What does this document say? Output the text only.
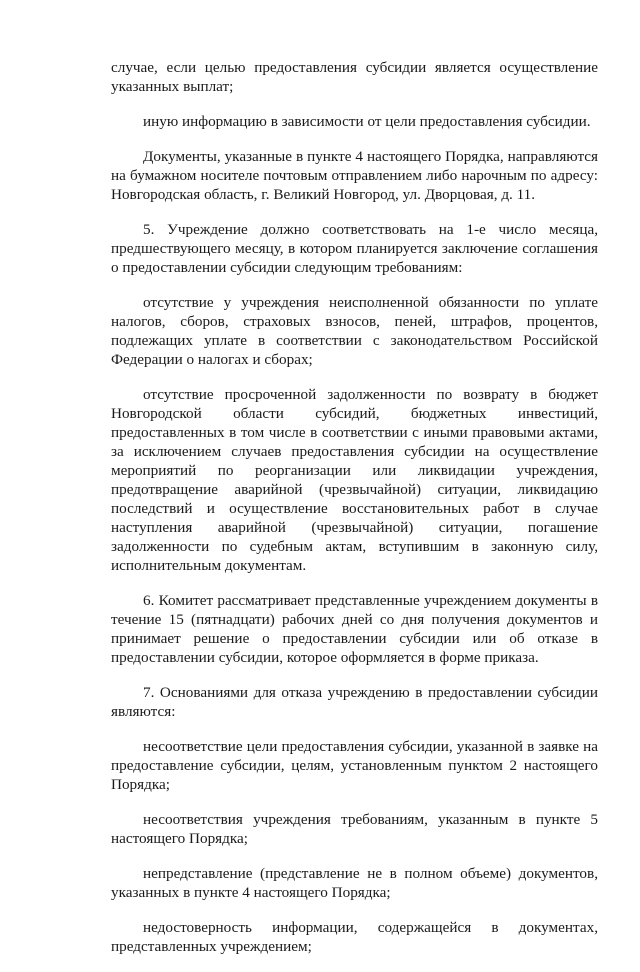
случае, если целью предоставления субсидии является осуществление указанных выплат;

иную информацию в зависимости от цели предоставления субсидии.

Документы, указанные в пункте 4 настоящего Порядка, направляются на бумажном носителе почтовым отправлением либо нарочным по адресу: Новгородская область, г. Великий Новгород, ул. Дворцовая, д. 11.

5. Учреждение должно соответствовать на 1-е число месяца, предшествующего месяцу, в котором планируется заключение соглашения о предоставлении субсидии следующим требованиям:

отсутствие у учреждения неисполненной обязанности по уплате налогов, сборов, страховых взносов, пеней, штрафов, процентов, подлежащих уплате в соответствии с законодательством Российской Федерации о налогах и сборах;

отсутствие просроченной задолженности по возврату в бюджет Новгородской области субсидий, бюджетных инвестиций, предоставленных в том числе в соответствии с иными правовыми актами, за исключением случаев предоставления субсидии на осуществление мероприятий по реорганизации или ликвидации учреждения, предотвращение аварийной (чрезвычайной) ситуации, ликвидацию последствий и осуществление восстановительных работ в случае наступления аварийной (чрезвычайной) ситуации, погашение задолженности по судебным актам, вступившим в законную силу, исполнительным документам.

6. Комитет рассматривает представленные учреждением документы в течение 15 (пятнадцати) рабочих дней со дня получения документов и принимает решение о предоставлении субсидии или об отказе в предоставлении субсидии, которое оформляется в форме приказа.

7. Основаниями для отказа учреждению в предоставлении субсидии являются:

несоответствие цели предоставления субсидии, указанной в заявке на предоставление субсидии, целям, установленным пунктом 2 настоящего Порядка;

несоответствия учреждения требованиям, указанным в пункте 5 настоящего Порядка;

непредставление (представление не в полном объеме) документов, указанных в пункте 4 настоящего Порядка;

недостоверность информации, содержащейся в документах, представленных учреждением;
